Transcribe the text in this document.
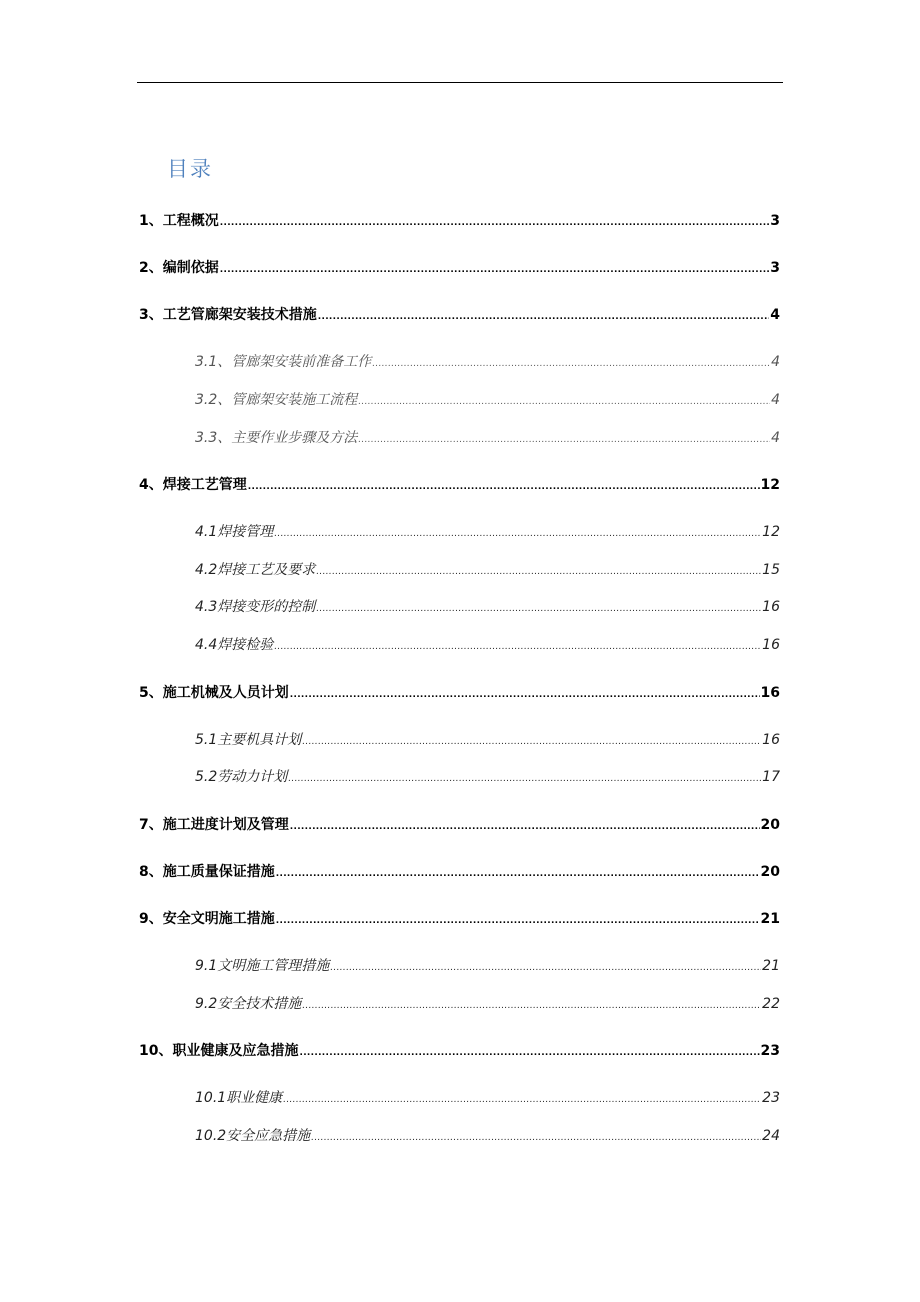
目录
1、 工程概况 .....	3
2、 编制依据 .....	3
3、 工艺管廊架安装技术措施 .....	4
3.1、 管廊架安装前准备工作 .....	4
3.2、 管廊架安装施工流程 .....	4
3.3、 主要作业步骤及方法 .....	4
4、 焊接工艺管理 .....	12
4.1 焊接管理 .....	12
4.2 焊接工艺及要求 .....	15
4.3 焊接变形的控制 .....	16
4.4 焊接检验 .....	16
5、 施工机械及人员计划 .....	16
5.1 主要机具计划 .....	16
5.2 劳动力计划 .....	17
7、 施工进度计划及管理 .....	20
8、 施工质量保证措施 .....	20
9、 安全文明施工措施 .....	21
9.1 文明施工管理措施 .....	21
9.2 安全技术措施 .....	22
10、 职业健康及应急措施 .....	23
10.1 职业健康 .....	23
10.2 安全应急措施 .....	24
